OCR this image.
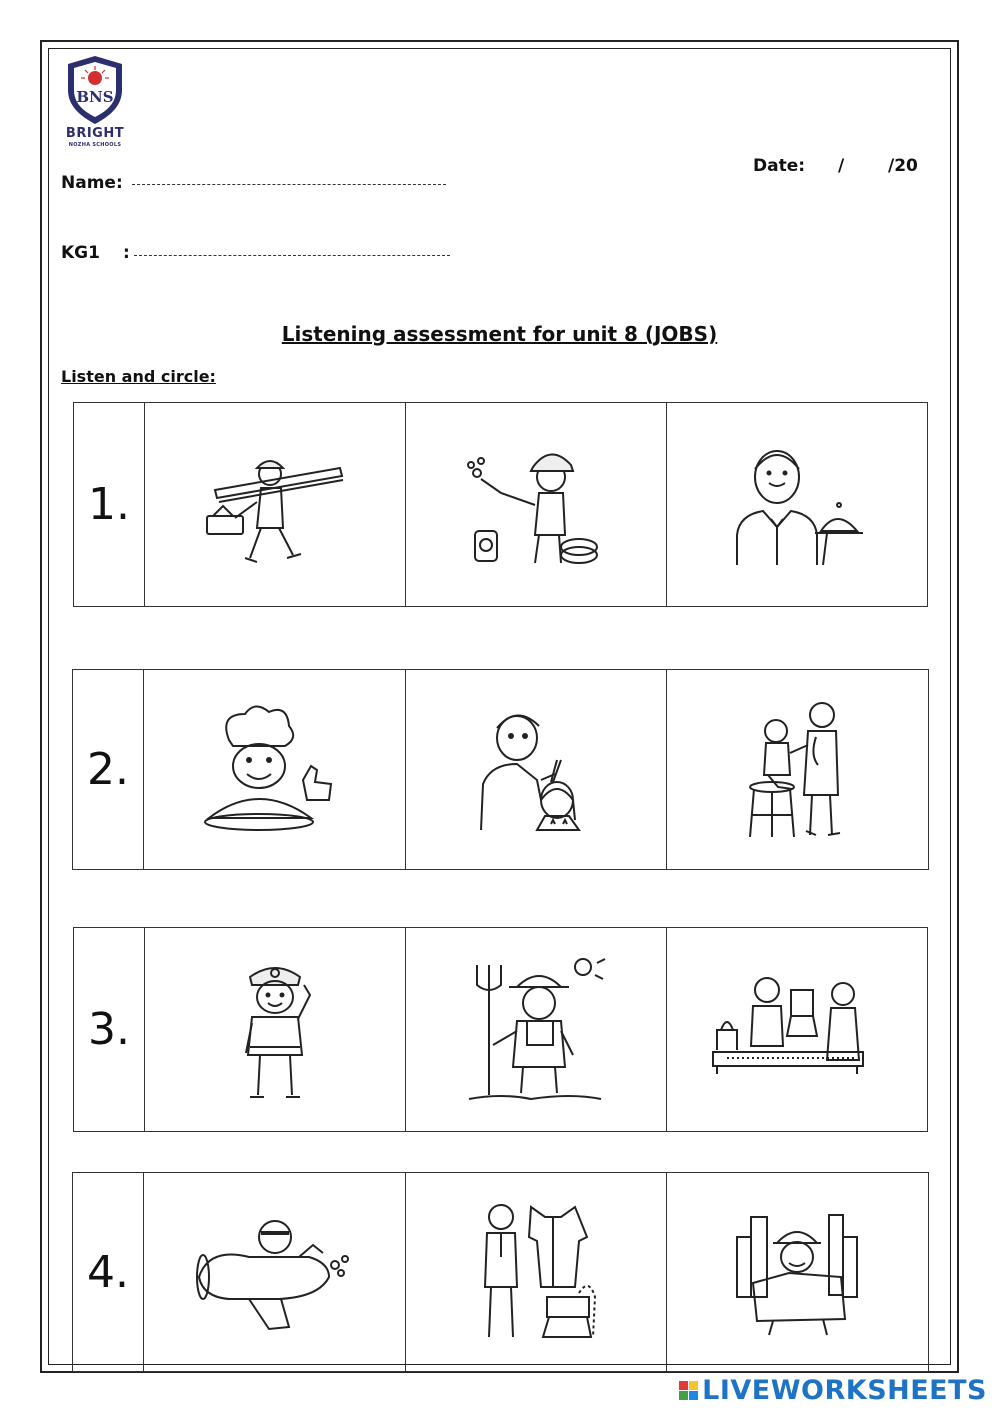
BNS
BRIGHT
NOZHA SCHOOLS
Name:
KG1 :
Date: /	/20
Listening assessment for unit 8 (JOBS)
Listen and circle:
1.
2.
3.
4.
LIVEWORKSHEETS
